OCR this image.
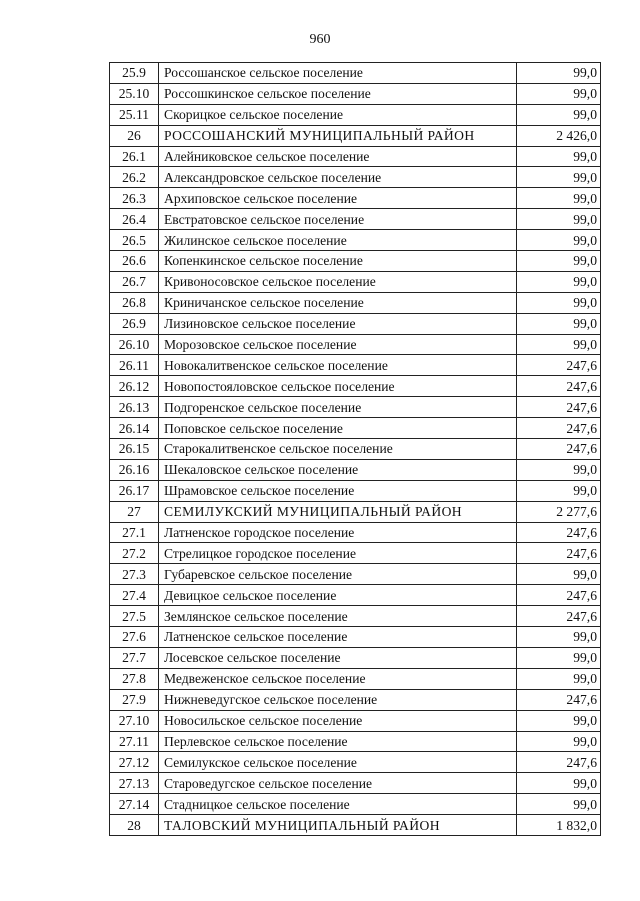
960
25.9	Россошанское сельское поселение	99,0
25.10	Россошкинское сельское поселение	99,0
25.11	Скорицкое сельское поселение	99,0
26	РОССОШАНСКИЙ МУНИЦИПАЛЬНЫЙ РАЙОН	2 426,0
26.1	Алейниковское сельское поселение	99,0
26.2	Александровское сельское поселение	99,0
26.3	Архиповское сельское поселение	99,0
26.4	Евстратовское сельское поселение	99,0
26.5	Жилинское сельское поселение	99,0
26.6	Копенкинское сельское поселение	99,0
26.7	Кривоносовское сельское поселение	99,0
26.8	Криничанское сельское поселение	99,0
26.9	Лизиновское сельское поселение	99,0
26.10	Морозовское сельское поселение	99,0
26.11	Новокалитвенское сельское поселение	247,6
26.12	Новопостояловское сельское поселение	247,6
26.13	Подгоренское сельское поселение	247,6
26.14	Поповское сельское поселение	247,6
26.15	Старокалитвенское сельское поселение	247,6
26.16	Шекаловское сельское поселение	99,0
26.17	Шрамовское сельское поселение	99,0
27	СЕМИЛУКСКИЙ МУНИЦИПАЛЬНЫЙ РАЙОН	2 277,6
27.1	Латненское городское поселение	247,6
27.2	Стрелицкое городское поселение	247,6
27.3	Губаревское сельское поселение	99,0
27.4	Девицкое сельское поселение	247,6
27.5	Землянское сельское поселение	247,6
27.6	Латненское сельское поселение	99,0
27.7	Лосевское сельское поселение	99,0
27.8	Медвеженское сельское поселение	99,0
27.9	Нижневедугское сельское поселение	247,6
27.10	Новосильское сельское поселение	99,0
27.11	Перлевское сельское поселение	99,0
27.12	Семилукское сельское поселение	247,6
27.13	Староведугское сельское поселение	99,0
27.14	Стадницкое сельское поселение	99,0
28	ТАЛОВСКИЙ МУНИЦИПАЛЬНЫЙ РАЙОН	1 832,0
